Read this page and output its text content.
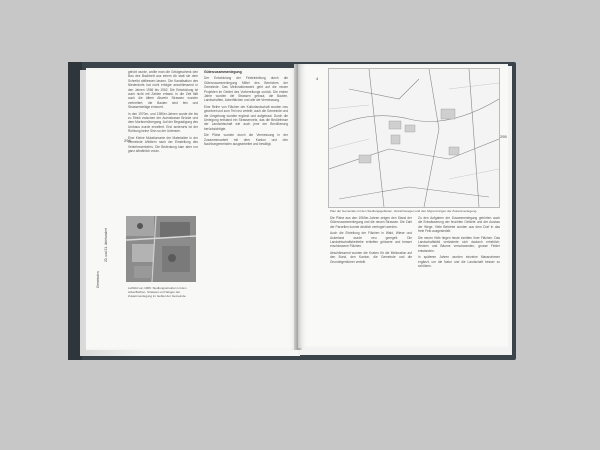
294
Gemeinden
20. und 21. Jahrhundert

gehört wurde, wollte man die Geldgeschenk den Bau des Bachbett aus einem Ab statt sie dem Schreibt abfliessen lassen. Die Kanalisation des Niederdorfs hat nicht erfolgte anschliessend in den Jahren 1956 bis 1962. Die Entwicklung ist auch nicht mit Zahlen erfasst. In die Zeit fällt auch die ältere Abwehr Strassen wurden verbreitert, die Bauten sind fein und Strassenbeläge erneuert.

In den 1970er- und 1980er-Jahren wurde die bis zu Strick zwischen der Auenstrasse Brücke und dem Moränenübergang. Auf der Begradigung des Umbaus wurde erweitert. Erst anderorts ist der Richtung keine Sinn so der Untersee.

Eine Kleine Mutationserie der Materialien in der Gemeinde Affoltern nach der Einstellung des Verkehrsverkehrs. Die Bedeutung kam aber nur ganz allmählich voran.

Güterzusammenlegung

Der Entwicklung der Feldeinteilung durch die Güterzusammenlegung Mittel des Bereiches der Gemeinde. Das Meliorationswerk geht auf die neuen Projekten im Gebiet des Vorbereitungs zurück. Die ersten Jahre wurden die Strassen gebaut, die Bauten, Landschaften, Ackerflächen und alle die Vermessung.

Eine Reihe von Flächen der Kulturlandschaft wurden neu geordnet und zum Teil neu verteilt; auch die Gemeinde und die Umgebung wurden ergänzt und aufgebaut. Durch die Umlegung entstand ein Strassennetz, das die Bedürfnisse der Landwirtschaft wie auch jene der Bevölkerung berücksichtigte.

Die Pläne wurden durch die Vermessung in der Zusammenarbeit mit dem Kanton und den Nachbargemeinden ausgearbeitet und bewilligt.

Luftbild von 1966: Siedlungsstruktur mit den Ackerflächen, Strassen und Wegen der Zusammenlegung im Gebiet der Gemeinde.
4
295
Plan der Gemeinde mit den Siedlungsgebieten, Verkehrswegen und den Abgrenzungen der Zusammenlegung.

Die Pläne aus den 1960er-Jahren zeigen den Stand der Güterzusammenlegung und die neuen Strassen. Die Zahl der Parzellen konnte deutlich verringert werden.

Auch die Einteilung der Flächen in Wald, Wiese und Ackerland wurde neu geregelt. Die Landwirtschaftsbetriebe erhielten grössere und besser erschlossene Flächen.

Abschliessend wurden die Kosten für die Melioration auf den Bund, den Kanton, die Gemeinde und die Grundeigentümer verteilt.

Zu den Aufgaben der Zusammenlegung gehörten auch die Entwässerung der feuchten Gebiete und der Ausbau der Wege. Viele Betriebe wurden aus dem Dorf in das freie Feld ausgesiedelt.

Die neuen Höfe liegen heute inmitten ihrer Flächen. Das Landschaftsbild veränderte sich dadurch erheblich: Hecken und Bäume verschwanden, grosse Felder entstanden.

In späteren Jahren wurden einzelne Massnahmen ergänzt, um die Natur und die Landschaft besser zu schützen.
